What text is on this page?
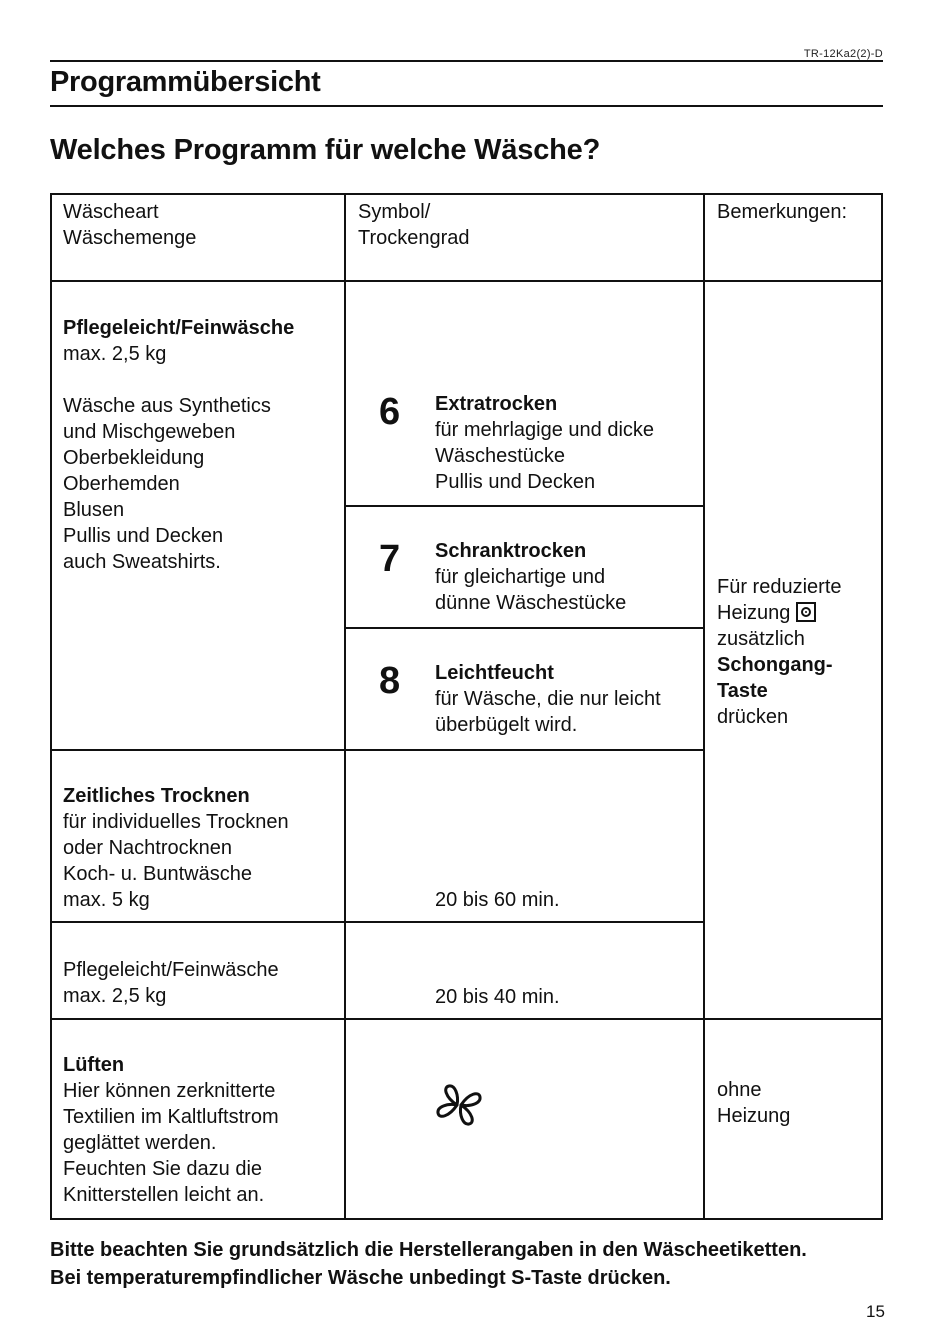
TR-12Ka2(2)-D
Programmübersicht
Welches Programm für welche Wäsche?
Wäscheart
Wäschemenge
Symbol/
Trockengrad
Bemerkungen:
Pflegeleicht/Feinwäsche
max. 2,5 kg
Wäsche aus Synthetics
und Mischgeweben
Oberbekleidung
Oberhemden
Blusen
Pullis und Decken
auch Sweatshirts.
6 Extratrocken
für mehrlagige und dicke
Wäschestücke
Pullis und Decken
7 Schranktrocken
für gleichartige und
dünne Wäschestücke
8 Leichtfeucht
für Wäsche, die nur leicht
überbügelt wird.
Für reduzierte
Heizung
zusätzlich
Schongang-
Taste
drücken
Zeitliches Trocknen
für individuelles Trocknen
oder Nachtrocknen
Koch- u. Buntwäsche
max. 5 kg	20 bis 60 min.
Pflegeleicht/Feinwäsche
max. 2,5 kg	20 bis 40 min.
Lüften
Hier können zerknitterte
Textilien im Kaltluftstrom
geglättet werden.
Feuchten Sie dazu die
Knitterstellen leicht an.
ohne
Heizung
Bitte beachten Sie grundsätzlich die Herstellerangaben in den Wäscheetiketten.
Bei temperaturempfindlicher Wäsche unbedingt S-Taste drücken.
15
